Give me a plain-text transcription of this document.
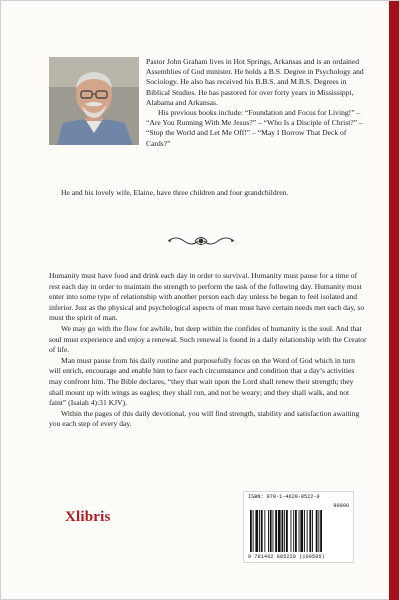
Pastor John Graham lives in Hot Springs, Arkansas and is an ordained Assemblies of God minister. He holds a B.S. Degree in Psychology and Sociology. He also has received his B.B.S. and M.B.S. Degrees in Biblical Studies. He has pastored for over forty years in Mississippi, Alabama and Arkansas.

His previous books include: “Foundation and Focus for Living!” – “Are You Running With Me Jesus?” – “Who Is a Disciple of Christ?” – “Stop the World and Let Me Off!” – “May I Borrow That Deck of Cards?”

He and his lovely wife, Elaine, have three children and four grandchildren.

Humanity must have food and drink each day in order to survival. Humanity must pause for a time of rest each day in order to maintain the strength to perform the task of the following day. Humanity must enter into some type of relationship with another person each day unless he began to feel isolated and inferior. Just as the physical and psychological aspects of man must have certain needs met each day, so must the spirit of man.

We may go with the flow for awhile, but deep within the confides of humanity is the soul. And that soul must experience and enjoy a renewal. Such renewal is found in a daily relationship with the Creator of life.

Man must pause from his daily routine and purposefully focus on the Word of God which in turn will enrich, encourage and enable him to face each circumstance and condition that a day’s activities may confront him. The Bible declares, “they that wait upon the Lord shall renew their strength; they shall mount up with wings as eagles; they shall run, and not be weary; and they shall walk, and not faint” (Isaiah 4):31 KJV).

Within the pages of this daily devotional, you will find strength, stability and satisfaction awaiting you each step of every day.

Xlibris
ISBN: 978-1-4628-8522-0
90000
9 781462 885220 (100506)
